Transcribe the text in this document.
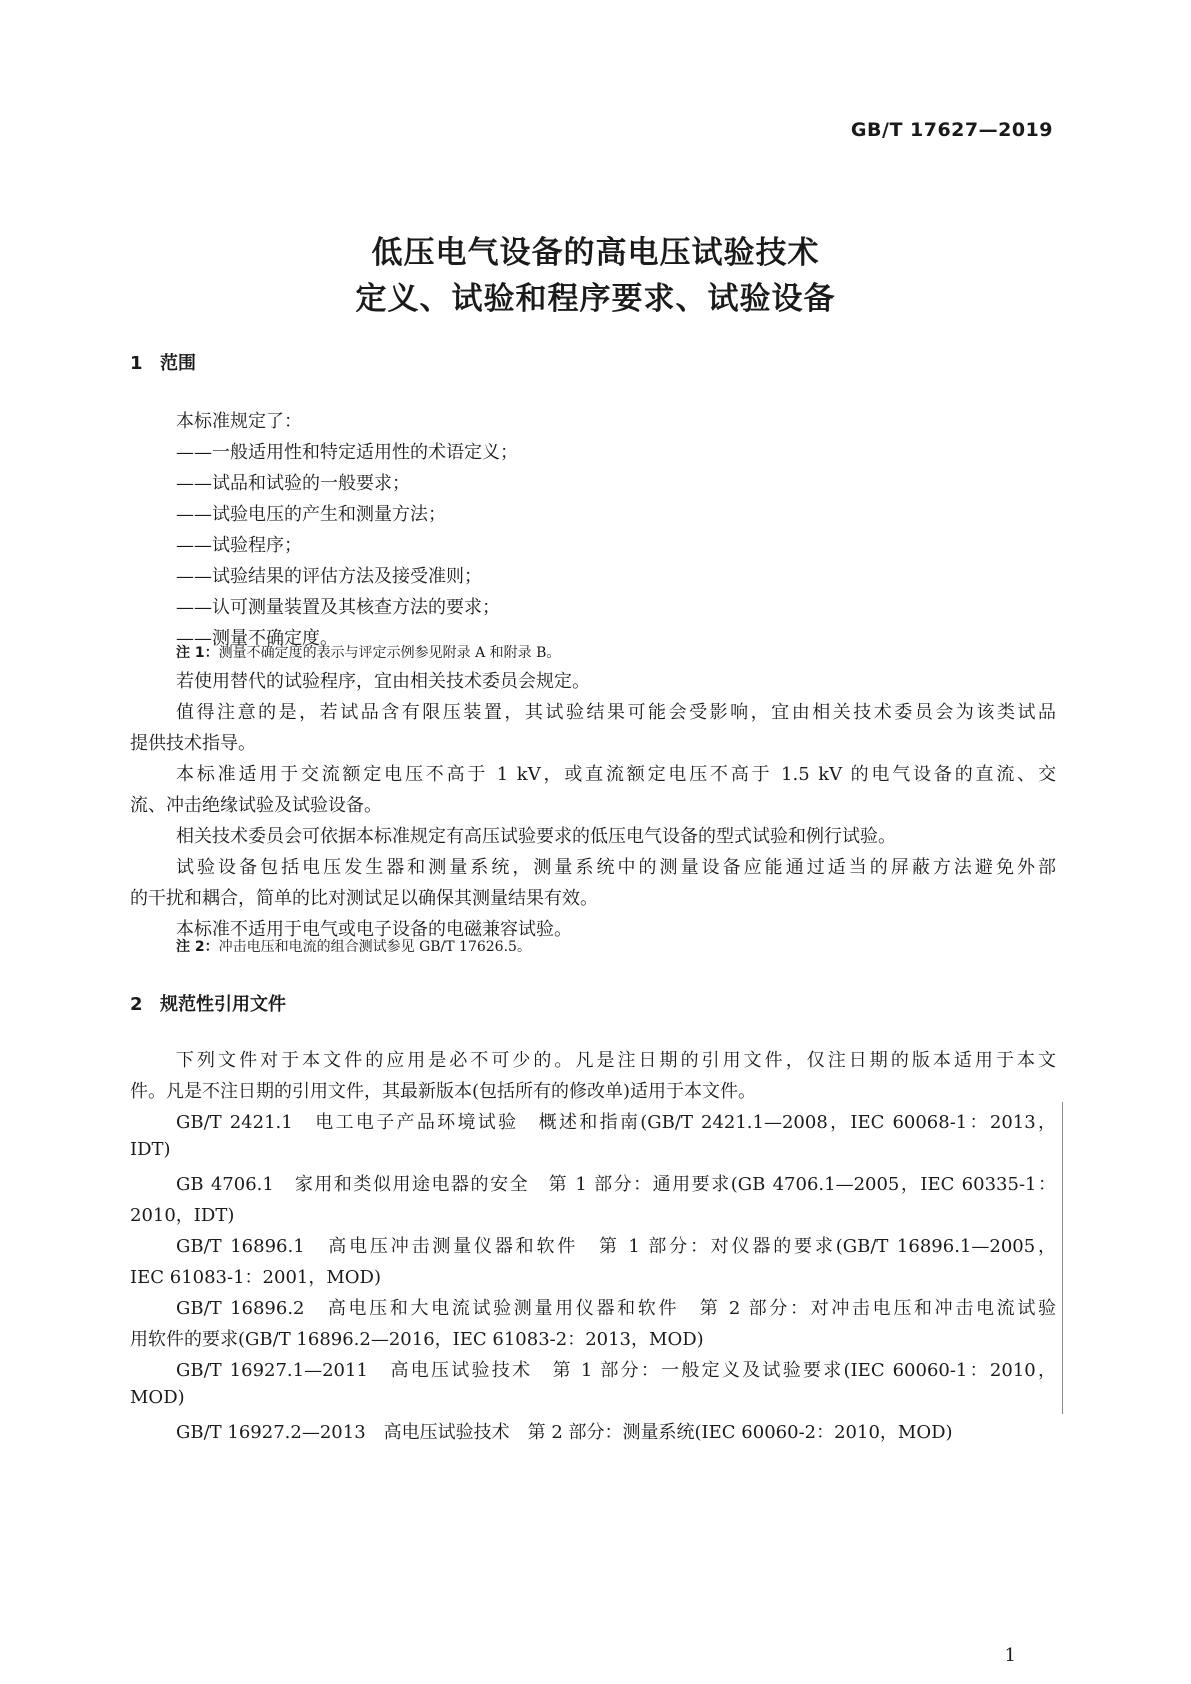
GB/T 17627—2019
低压电气设备的高电压试验技术
定义、试验和程序要求、试验设备
1 范围
本标准规定了：
——一般适用性和特定适用性的术语定义；
——试品和试验的一般要求；
——试验电压的产生和测量方法；
——试验程序；
——试验结果的评估方法及接受准则；
——认可测量装置及其核查方法的要求；
——测量不确定度。
注 1：测量不确定度的表示与评定示例参见附录 A 和附录 B。
若使用替代的试验程序，宜由相关技术委员会规定。
值得注意的是，若试品含有限压装置，其试验结果可能会受影响，宜由相关技术委员会为该类试品
提供技术指导。
本标准适用于交流额定电压不高于 1 kV，或直流额定电压不高于 1.5 kV 的电气设备的直流、交
流、冲击绝缘试验及试验设备。
相关技术委员会可依据本标准规定有高压试验要求的低压电气设备的型式试验和例行试验。
试验设备包括电压发生器和测量系统，测量系统中的测量设备应能通过适当的屏蔽方法避免外部
的干扰和耦合，简单的比对测试足以确保其测量结果有效。
本标准不适用于电气或电子设备的电磁兼容试验。
注 2：冲击电压和电流的组合测试参见 GB/T 17626.5。
2 规范性引用文件
下列文件对于本文件的应用是必不可少的。凡是注日期的引用文件，仅注日期的版本适用于本文
件。凡是不注日期的引用文件，其最新版本(包括所有的修改单)适用于本文件。
GB/T 2421.1　电工电子产品环境试验　概述和指南(GB/T 2421.1—2008，IEC 60068-1：2013，
IDT)
GB 4706.1　家用和类似用途电器的安全　第 1 部分：通用要求(GB 4706.1—2005，IEC 60335-1：
2010，IDT)
GB/T 16896.1　高电压冲击测量仪器和软件　第 1 部分：对仪器的要求(GB/T 16896.1—2005，
IEC 61083-1：2001，MOD)
GB/T 16896.2　高电压和大电流试验测量用仪器和软件　第 2 部分：对冲击电压和冲击电流试验
用软件的要求(GB/T 16896.2—2016，IEC 61083-2：2013，MOD)
GB/T 16927.1—2011　高电压试验技术　第 1 部分：一般定义及试验要求(IEC 60060-1：2010，
MOD)
GB/T 16927.2—2013　高电压试验技术　第 2 部分：测量系统(IEC 60060-2：2010，MOD)
1
